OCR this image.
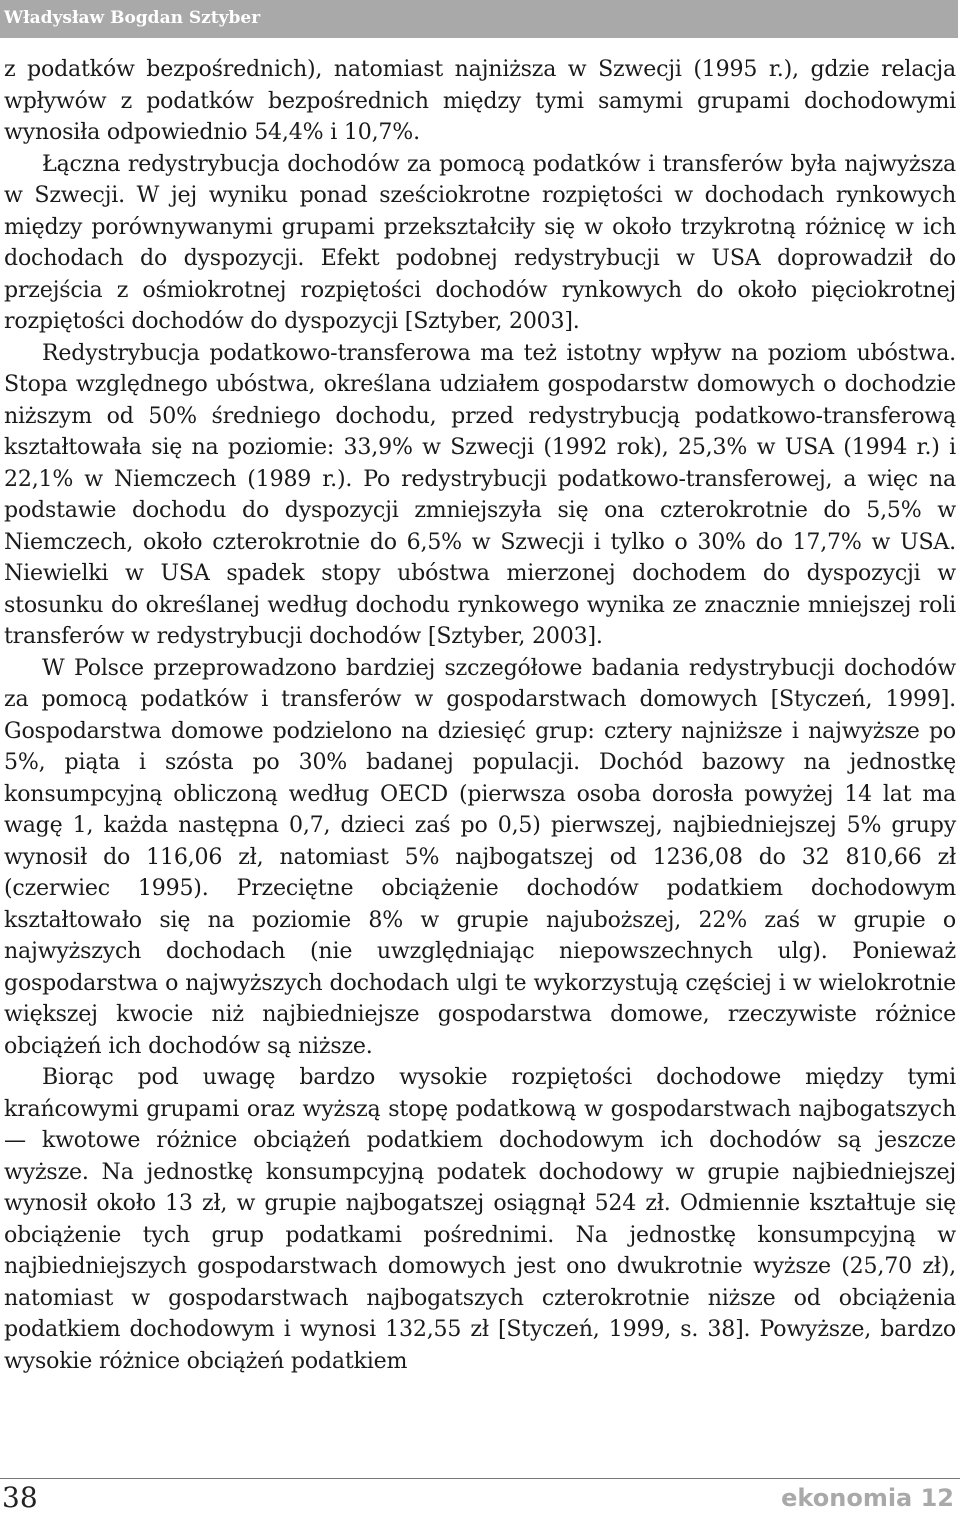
Władysław Bogdan Sztyber

z podatków bezpośrednich), natomiast najniższa w Szwecji (1995 r.), gdzie relacja wpływów z podatków bezpośrednich między tymi samymi grupami dochodowymi wynosiła odpowiednio 54,4% i 10,7%.

Łączna redystrybucja dochodów za pomocą podatków i transferów była najwyższa w Szwecji. W jej wyniku ponad sześciokrotne rozpiętości w dochodach rynkowych między porównywanymi grupami przekształciły się w około trzykrotną różnicę w ich dochodach do dyspozycji. Efekt podobnej redystrybucji w USA doprowadził do przejścia z ośmiokrotnej rozpiętości dochodów rynkowych do około pięciokrotnej rozpiętości dochodów do dyspozycji [Sztyber, 2003].

Redystrybucja podatkowo-transferowa ma też istotny wpływ na poziom ubóstwa. Stopa względnego ubóstwa, określana udziałem gospodarstw domowych o dochodzie niższym od 50% średniego dochodu, przed redystrybucją podatkowo-transferową kształtowała się na poziomie: 33,9% w Szwecji (1992 rok), 25,3% w USA (1994 r.) i 22,1% w Niemczech (1989 r.). Po redystrybucji podatkowo-transferowej, a więc na podstawie dochodu do dyspozycji zmniejszyła się ona czterokrotnie do 5,5% w Niemczech, około czterokrotnie do 6,5% w Szwecji i tylko o 30% do 17,7% w USA. Niewielki w USA spadek stopy ubóstwa mierzonej dochodem do dyspozycji w stosunku do określanej według dochodu rynkowego wynika ze znacznie mniejszej roli transferów w redystrybucji dochodów [Sztyber, 2003].

W Polsce przeprowadzono bardziej szczegółowe badania redystrybucji dochodów za pomocą podatków i transferów w gospodarstwach domowych [Styczeń, 1999]. Gospodarstwa domowe podzielono na dziesięć grup: cztery najniższe i najwyższe po 5%, piąta i szósta po 30% badanej populacji. Dochód bazowy na jednostkę konsumpcyjną obliczoną według OECD (pierwsza osoba dorosła powyżej 14 lat ma wagę 1, każda następna 0,7, dzieci zaś po 0,5) pierwszej, najbiedniejszej 5% grupy wynosił do 116,06 zł, natomiast 5% najbogatszej od 1236,08 do 32 810,66 zł (czerwiec 1995). Przeciętne obciążenie dochodów podatkiem dochodowym kształtowało się na poziomie 8% w grupie najuboższej, 22% zaś w grupie o najwyższych dochodach (nie uwzględniając niepowszechnych ulg). Ponieważ gospodarstwa o najwyższych dochodach ulgi te wykorzystują częściej i w wielokrotnie większej kwocie niż najbiedniejsze gospodarstwa domowe, rzeczywiste różnice obciążeń ich dochodów są niższe.

Biorąc pod uwagę bardzo wysokie rozpiętości dochodowe między tymi krańcowymi grupami oraz wyższą stopę podatkową w gospodarstwach najbogatszych — kwotowe różnice obciążeń podatkiem dochodowym ich dochodów są jeszcze wyższe. Na jednostkę konsumpcyjną podatek dochodowy w grupie najbiedniejszej wynosił około 13 zł, w grupie najbogatszej osiągnął 524 zł. Odmiennie kształtuje się obciążenie tych grup podatkami pośrednimi. Na jednostkę konsumpcyjną w najbiedniejszych gospodarstwach domowych jest ono dwukrotnie wyższe (25,70 zł), natomiast w gospodarstwach najbogatszych czterokrotnie niższe od obciążenia podatkiem dochodowym i wynosi 132,55 zł [Styczeń, 1999, s. 38]. Powyższe, bardzo wysokie różnice obciążeń podatkiem

38	ekonomia 12
